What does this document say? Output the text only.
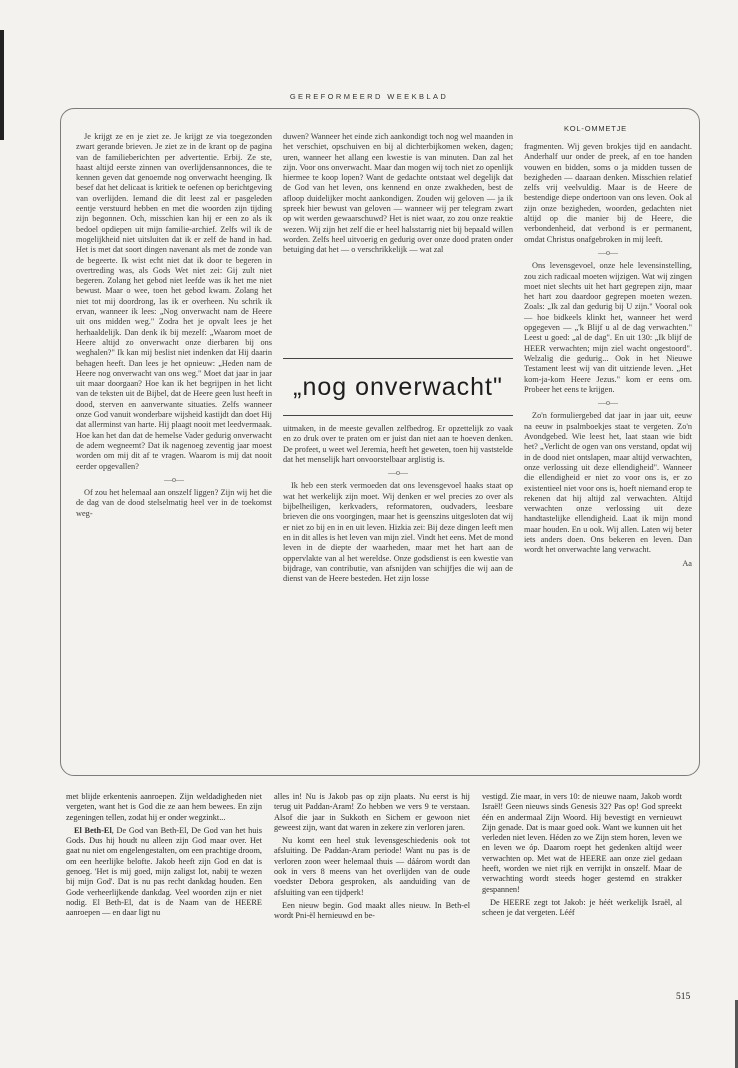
GEREFORMEERD WEEKBLAD
KOL-OMMETJE

Je krijgt ze en je ziet ze. Je krijgt ze via toegezonden zwart gerande brieven. Je ziet ze in de krant op de pagina van de familieberichten per advertentie. Erbij. Ze ste, haast altijd eerste zinnen van overlijdensannonces, die te kennen geven dat genoemde nog onverwacht heenging. Ik besef dat het delicaat is kritiek te oefenen op berichtgeving van overlijden. Iemand die dit leest zal er pasgeleden eentje verstuurd hebben en met die woorden zijn tijding zijn begonnen. Och, misschien kan hij er een zo als ik bedoel opdiepen uit mijn familie-archief. Zelfs wil ik de mogelijkheid niet uitsluiten dat ik er zelf de hand in had. Het is met dat soort dingen navenant als met de zonde van de begeerte. Ik wist echt niet dat ik door te begeren in overtreding was, als Gods Wet niet zei: Gij zult niet begeren. Zolang het gebod niet leefde was ik het me niet bewust. Maar o wee, toen het gebod kwam. Zolang het niet tot mij doordrong, las ik er overheen. Nu schrik ik ervan, wanneer ik lees: „Nog onverwacht nam de Heere uit ons midden weg." Zodra het je opvalt lees je het herhaaldelijk. Dan denk ik bij mezelf: „Waarom moet de Heere altijd zo onverwacht onze dierbaren bij ons weghalen?" Ik kan mij beslist niet indenken dat Hij daarin behagen heeft. Dan lees je het opnieuw: „Heden nam de Heere nog onverwacht van ons weg." Moet dat jaar in jaar uit maar doorgaan? Hoe kan ik het begrijpen in het licht van de teksten uit de Bijbel, dat de Heere geen lust heeft in dood, sterven en aanverwante situaties. Zelfs wanneer onze God vanuit wonderbare wijsheid kastijdt dan doet Hij dat allerminst van harte. Hij plaagt nooit met leedvermaak. Hoe kan het dan dat de hemelse Vader gedurig onverwacht de adem wegneemt? Dat ik nagenoeg zeventig jaar moest worden om mij dit af te vragen. Waarom is mij dat nooit eerder opgevallen?

—o—

Of zou het helemaal aan onszelf liggen? Zijn wij het die de dag van de dood stelselmatig heel ver in de toekomst weg-

duwen? Wanneer het einde zich aankondigt toch nog wel maanden in het verschiet, opschuiven en bij al dichterbijkomen weken, dagen; uren, wanneer het allang een kwestie is van minuten. Dan zal het zijn. Voor ons onverwacht. Maar dan mogen wij toch niet zo openlijk hiermee te koop lopen? Want de gedachte ontstaat wel degelijk dat de God van het leven, ons kennend en onze zwakheden, best de afloop duidelijker mocht aankondigen. Zouden wij geloven — ja ik spreek hier bewust van geloven — wanneer wij per telegram zwart op wit werden gewaarschuwd? Het is niet waar, zo zou onze reaktie wezen. Wij zijn het zelf die er heel halsstarrig niet bij bepaald willen worden. Zelfs heel uitvoerig en gedurig over onze dood praten onder betuiging dat het — o verschrikkelijk — wat zal

„nog onverwacht"

uitmaken, in de meeste gevallen zelfbedrog. Er opzettelijk zo vaak en zo druk over te praten om er juist dan niet aan te hoeven denken. De profeet, u weet wel Jeremia, heeft het geweten, toen hij vaststelde dat het menselijk hart onvoorstelbaar arglistig is.

—o—

Ik heb een sterk vermoeden dat ons levensgevoel haaks staat op wat het werkelijk zijn moet. Wij denken er wel precies zo over als bijbelheiligen, kerkvaders, reformatoren, oudvaders, leesbare brieven die ons voorgingen, maar het is geenszins uitgesloten dat wij er niet zo bij en in en uit leven. Hizkia zei: Bij deze dingen leeft men en in dit alles is het leven van mijn ziel. Vindt het eens. Met de mond leven in de diepte der waarheden, maar met het hart aan de oppervlakte van al het wereldse. Onze godsdienst is een kwestie van bijdrage, van contributie, van afsnijden van schijfjes die wij aan de dienst van de Heere besteden. Het zijn losse

fragmenten. Wij geven brokjes tijd en aandacht. Anderhalf uur onder de preek, af en toe handen vouwen en bidden, soms o ja midden tussen de bezigheden — daaraan denken. Misschien relatief zelfs vrij veelvuldig. Maar is de Heere de bestendige diepe ondertoon van ons leven. Ook al zijn onze bezigheden, woorden, gedachten niet altijd op die manier bij de Heere, die verbondenheid, dat verbond is er permanent, omdat Christus onafgebroken in mij leeft.

—o—

Ons levensgevoel, onze hele levensinstelling, zou zich radicaal moeten wijzigen. Wat wij zingen moet niet slechts uit het hart gegrepen zijn, maar het hart zou daardoor gegrepen moeten wezen. Zoals: „Ik zal dan gedurig bij U zijn." Vooral ook — hoe bidkeels klinkt het, wanneer het werd opgegeven — „'k Blijf u al de dag verwachten." Leest u goed: „al de dag". En uit 130: „Ik blijf de HEER verwachten; mijn ziel wacht ongestoord". Welzalig die gedurig... Ook in het Nieuwe Testament leest wij van dit uitziende leven. „Het kom-ja-kom Heere Jezus." kom er eens om. Probeer het eens te krijgen.

—o—

Zo'n formuliergebed dat jaar in jaar uit, eeuw na eeuw in psalmboekjes staat te vergeten. Zo'n Avondgebed. Wie leest het, laat staan wie bidt het? „Verlicht de ogen van ons verstand, opdat wij in de dood niet ontslapen, maar altijd verwachten, onze verlossing uit deze ellendigheid". Wanneer die ellendigheid er niet zo voor ons is, er zo existentieel niet voor ons is, hoeft niemand erop te rekenen dat hij altijd zal verwachten. Altijd verwachten onze verlossing uit deze handtastelijke ellendigheid. Laat ik mijn mond maar houden. En u ook. Wij allen. Laten wij beter iets anders doen. Ons bekeren en leven. Dan wordt het onverwachte lang verwacht.

Aa

met blijde erkentenis aanroepen. Zijn weldadigheden niet vergeten, want het is God die ze aan hem bewees. En zijn zegeningen tellen, zodat hij er onder wegzinkt...

El Beth-El, De God van Beth-El, De God van het huis Gods. Dus hij houdt nu alleen zijn God maar over. Het gaat nu niet om engelengestalten, om een prachtige droom, om een heerlijke belofte. Jakob heeft zijn God en dat is genoeg. 'Het is mij goed, mijn zaligst lot, nabij te wezen bij mijn God'. Dat is nu pas recht dankdag houden. Een Gode verheerlijkende dankdag. Veel woorden zijn er niet nodig. El Beth-El, dat is de Naam van de HEERE aanroepen — en daar ligt nu

alles in! Nu is Jakob pas op zijn plaats. Nu eerst is hij terug uit Paddan-Aram! Zo hebben we vers 9 te verstaan. Alsof die jaar in Sukkoth en Sichem er gewoon niet geweest zijn, want dat waren in zekere zin verloren jaren.

Nu komt een heel stuk levensgeschiedenis ook tot afsluiting. De Paddan-Aram periode! Want nu pas is de verloren zoon weer helemaal thuis — dáárom wordt dan ook in vers 8 meens van het overlijden van de oude voedster Debora gesproken, als aanduiding van de afsluiting van een tijdperk!

Een nieuw begin. God maakt alles nieuw. In Beth-el wordt Pni-ël hernieuwd en be-

vestigd. Zie maar, in vers 10: de nieuwe naam, Jakob wordt Israël! Geen nieuws sinds Genesis 32? Pas op! God spreekt één en andermaal Zijn Woord. Hij bevestigt en vernieuwt Zijn genade. Dat is maar goed ook. Want we kunnen uit het verleden niet leven. Héden zo we Zijn stem horen, leven we en leven we óp. Daarom roept het gedenken altijd weer verwachten op. Met wat de HEERE aan onze ziel gedaan heeft, worden we niet rijk en verrijkt in onszelf. Maar de verwachting wordt steeds hoger gestemd en strakker gespannen!

De HEERE zegt tot Jakob: je héét werkelijk Israël, al scheen je dat vergeten. Lééf

515
